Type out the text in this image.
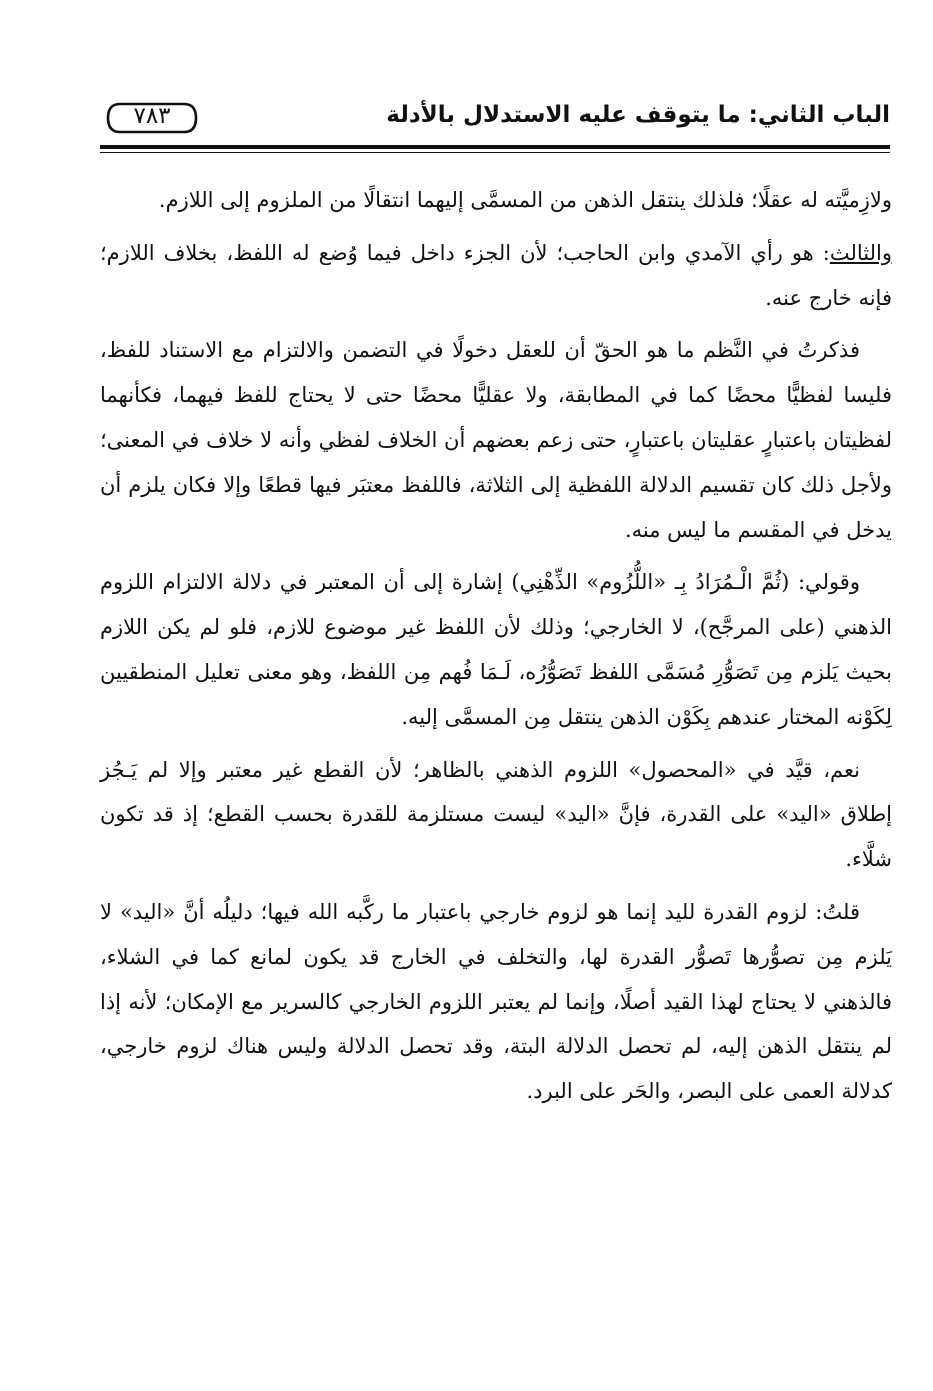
الباب الثاني: ما يتوقف عليه الاستدلال بالأدلة
٧٨٣

ولازِميَّته له عقلًا؛ فلذلك ينتقل الذهن من المسمَّى إليهما انتقالًا من الملزوم إلى اللازم.

والثالث: هو رأي الآمدي وابن الحاجب؛ لأن الجزء داخل فيما وُضع له اللفظ، بخلاف اللازم؛ فإنه خارج عنه.

فذكرتُ في النَّظم ما هو الحقّ أن للعقل دخولًا في التضمن والالتزام مع الاستناد للفظ، فليسا لفظيًّا محضًا كما في المطابقة، ولا عقليًّا محضًا حتى لا يحتاج للفظ فيهما، فكأنهما لفظيتان باعتبارٍ عقليتان باعتبارٍ، حتى زعم بعضهم أن الخلاف لفظي وأنه لا خلاف في المعنى؛ ولأجل ذلك كان تقسيم الدلالة اللفظية إلى الثلاثة، فاللفظ معتبَر فيها قطعًا وإلا فكان يلزم أن يدخل في المقسم ما ليس منه.

وقولي: (ثُمَّ الْـمُرَادُ بِـ «اللُّزُوم» الذِّهْنِي) إشارة إلى أن المعتبر في دلالة الالتزام اللزوم الذهني (على المرجَّح)، لا الخارجي؛ وذلك لأن اللفظ غير موضوع للازم، فلو لم يكن اللازم بحيث يَلزم مِن تَصَوُّرِ مُسَمَّى اللفظ تَصَوُّرُه، لَـمَا فُهم مِن اللفظ، وهو معنى تعليل المنطقيين لِكَوْنه المختار عندهم بِكَوْن الذهن ينتقل مِن المسمَّى إليه.

نعم، قيَّد في «المحصول» اللزوم الذهني بالظاهر؛ لأن القطع غير معتبر وإلا لم يَـجُز إطلاق «اليد» على القدرة، فإنَّ «اليد» ليست مستلزمة للقدرة بحسب القطع؛ إذ قد تكون شلَّاء.

قلتُ: لزوم القدرة لليد إنما هو لزوم خارجي باعتبار ما ركَّبه الله فيها؛ دليلُه أنَّ «اليد» لا يَلزم مِن تصوُّرها تَصوُّر القدرة لها، والتخلف في الخارج قد يكون لمانع كما في الشلاء، فالذهني لا يحتاج لهذا القيد أصلًا، وإنما لم يعتبر اللزوم الخارجي كالسرير مع الإمكان؛ لأنه إذا لم ينتقل الذهن إليه، لم تحصل الدلالة البتة، وقد تحصل الدلالة وليس هناك لزوم خارجي، كدلالة العمى على البصر، والحَر على البرد.
